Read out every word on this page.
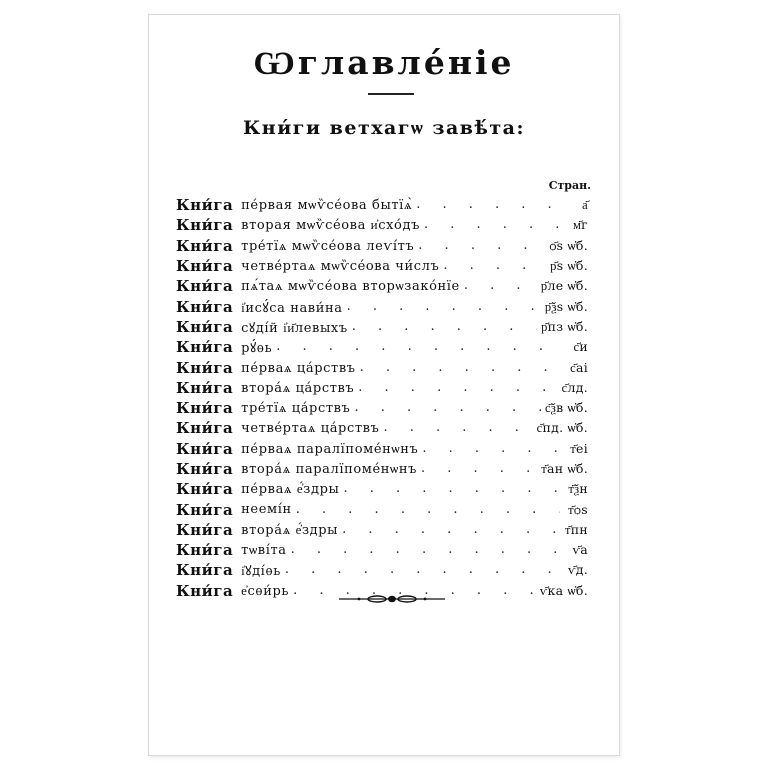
Ѡглавле́ніе
Кни́ги ветхагѡ завѣ́та:
Стран.
Кни́га пе́рвая мѡѷсе́ова бытїѧ̀ . . .	а҃
Кни́га вторая мѡѷсе́ова и҆схо́дъ . . .	м҃г
Кни́га тре́тїѧ мѡѷсе́ова леѵі́тъ . . .	ѻ҃ѕ ѡ҆б.
Кни́га четве́ртаѧ мѡѷсе́ова чи́слъ . . .	р҃ѕ ѡ҆б.
Кни́га пѧ́таѧ мѡѷсе́ова вторѡзако́нїе . . .	р҃ле ѡ҆б.
Кни́га і҆исꙋ́са нави́на . . .	р҃ѯѕ ѡ҆б.
Кни́га сꙋді́й і҆и҃левыхъ . . .	р҃пз ѡ҆б.
Кни́га рꙋ́ѳь . . .	с҃и
Кни́га пе́рваѧ ца́рствъ . . .	с҃аі
Кни́га втора́ѧ ца́рствъ . . .	с҃лд.
Кни́га тре́тїѧ ца́рствъ . . .	с҃ѯв ѡ҆б.
Кни́га четве́ртаѧ ца́рствъ . . .	с҃пд. ѡ҆б.
Кни́га пе́рваѧ паралїпоме́нѡнъ . . .	т҃еі
Кни́га втора́ѧ паралїпоме́нѡнъ . . .	т҃ан ѡ҆б.
Кни́га пе́рваѧ е҆́здры . . .	т҃ѯн
Кни́га неемі́н . . .	т҃ѻѕ
Кни́га втора́ѧ е҆́здры . . .	т҃пн
Кни́га тѡві́та . . .	ѵ҃а
Кни́га і҆ꙋді́ѳь . . .	ѵ҃д.
Кни́га е҆сѳи́рь . . .	ѵ҃ка ѡ҆б.
